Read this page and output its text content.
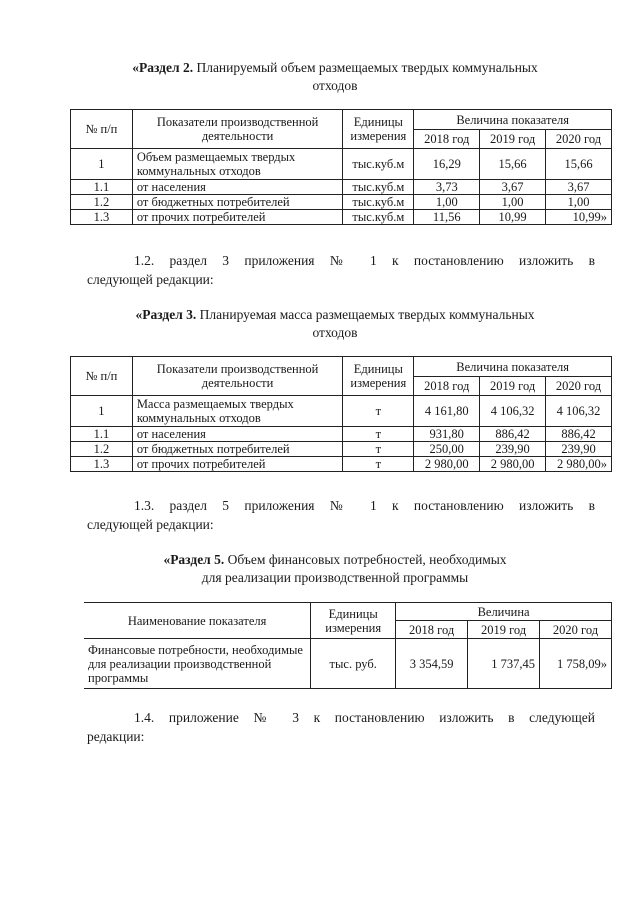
«Раздел 2. Планируемый объем размещаемых твердых коммунальных
отходов
№ п/п	Показатели производственной деятельности	Единицы измерения	Величина показателя		
			2018 год	2019 год	2020 год
1	Объем размещаемых твердых коммунальных отходов	тыс.куб.м	16,29	15,66	15,66
1.1	от населения	тыс.куб.м	3,73	3,67	3,67
1.2	от бюджетных потребителей	тыс.куб.м	1,00	1,00	1,00
1.3	от прочих потребителей	тыс.куб.м	11,56	10,99	10,99»
1.2. раздел 3 приложения № 1 к постановлению изложить в
следующей редакции:
«Раздел 3. Планируемая масса размещаемых твердых коммунальных
отходов
№ п/п	Показатели производственной деятельности	Единицы измерения	Величина показателя		
			2018 год	2019 год	2020 год
1	Масса размещаемых твердых коммунальных отходов	т	4 161,80	4 106,32	4 106,32
1.1	от населения	т	931,80	886,42	886,42
1.2	от бюджетных потребителей	т	250,00	239,90	239,90
1.3	от прочих потребителей	т	2 980,00	2 980,00	2 980,00»
1.3. раздел 5 приложения № 1 к постановлению изложить в
следующей редакции:
«Раздел 5. Объем финансовых потребностей, необходимых
для реализации производственной программы
Наименование показателя	Единицы измерения	Величина		
		2018 год	2019 год	2020 год
Финансовые потребности, необходимые для реализации производственной программы	тыс. руб.	3 354,59	1 737,45	1 758,09»
1.4. приложение № 3 к постановлению изложить в следующей
редакции:
